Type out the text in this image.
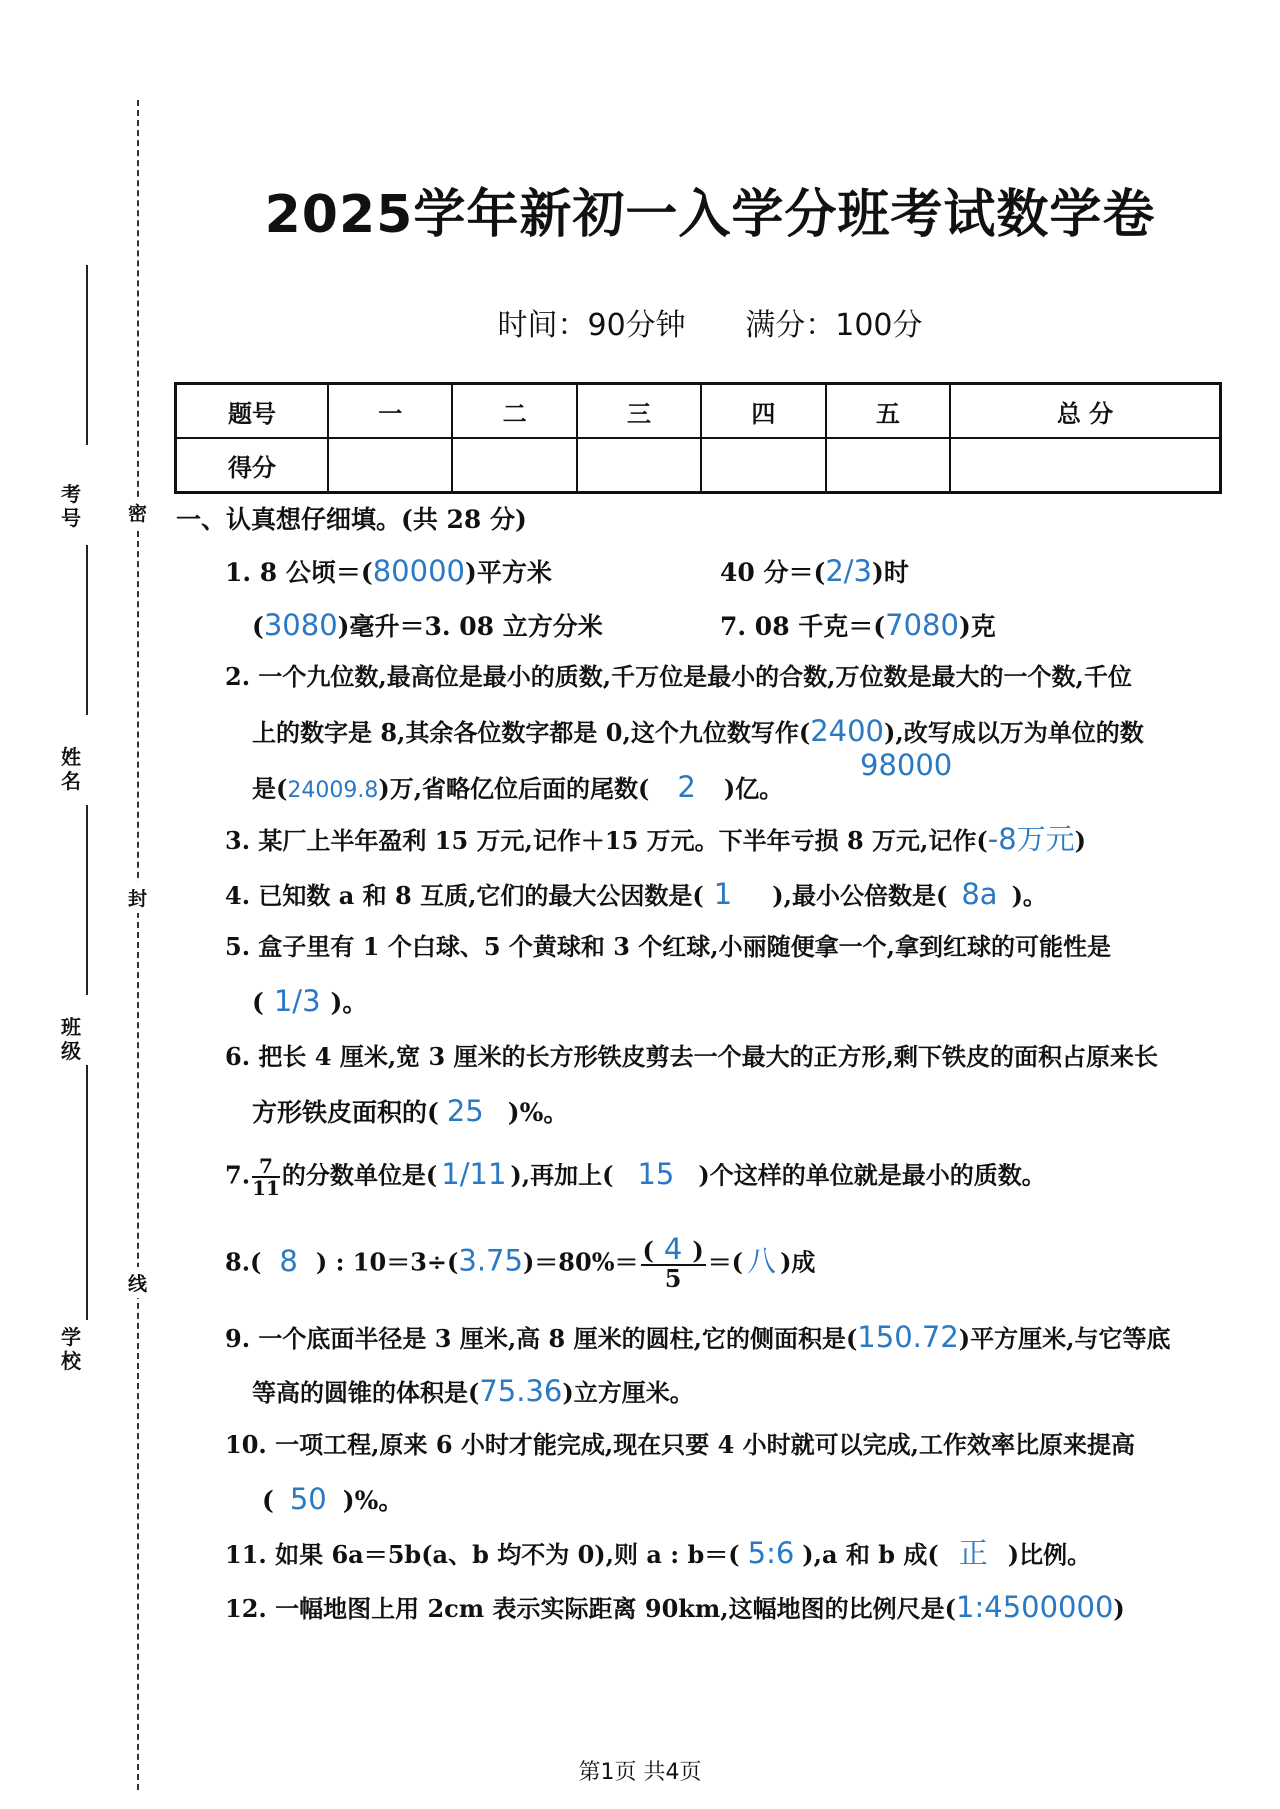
考号
姓名
班级
学校
密
封
线
2025学年新初一入学分班考试数学卷
时间：90分钟 满分：100分
题号	一	二	三	四	五	总 分
得分						
一、认真想仔细填。(共 28 分)
1. 8 公顷＝(80000)平方米	40 分＝(2/3)时
(3080)毫升＝3. 08 立方分米	7. 08 千克＝(7080)克
2. 一个九位数,最高位是最小的质数,千万位是最小的合数,万位数是最大的一个数,千位
上的数字是 8,其余各位数字都是 0,这个九位数写作(2400),改写成以万为单位的数
98000
是(24009.8)万,省略亿位后面的尾数( 2 )亿。
3. 某厂上半年盈利 15 万元,记作＋15 万元。下半年亏损 8 万元,记作(-8万元)
4. 已知数 a 和 8 互质,它们的最大公因数是( 1 ),最小公倍数是( 8a )。
5. 盒子里有 1 个白球、5 个黄球和 3 个红球,小丽随便拿一个,拿到红球的可能性是
( 1/3 )。
6. 把长 4 厘米,宽 3 厘米的长方形铁皮剪去一个最大的正方形,剩下铁皮的面积占原来长
方形铁皮面积的( 25 )%。
7. $\frac{7}{11}$ 的分数单位是( 1/11 ),再加上( 15 )个这样的单位就是最小的质数。
8.( 8 ) : $10=3\div(3.75)=80\%= \frac{( 4 )}{5}$ ＝( 八 )成
9. 一个底面半径是 3 厘米,高 8 厘米的圆柱,它的侧面积是(150.72)平方厘米,与它等底
等高的圆锥的体积是(75.36)立方厘米。
10. 一项工程,原来 6 小时才能完成,现在只要 4 小时就可以完成,工作效率比原来提高
( 50 )%。
11. 如果 6a＝5b(a、b 均不为 0),则 a : b＝( 5:6 ),a 和 b 成( 正 )比例。
12. 一幅地图上用 2cm 表示实际距离 90km,这幅地图的比例尺是(1:4500000)
第1页 共4页
